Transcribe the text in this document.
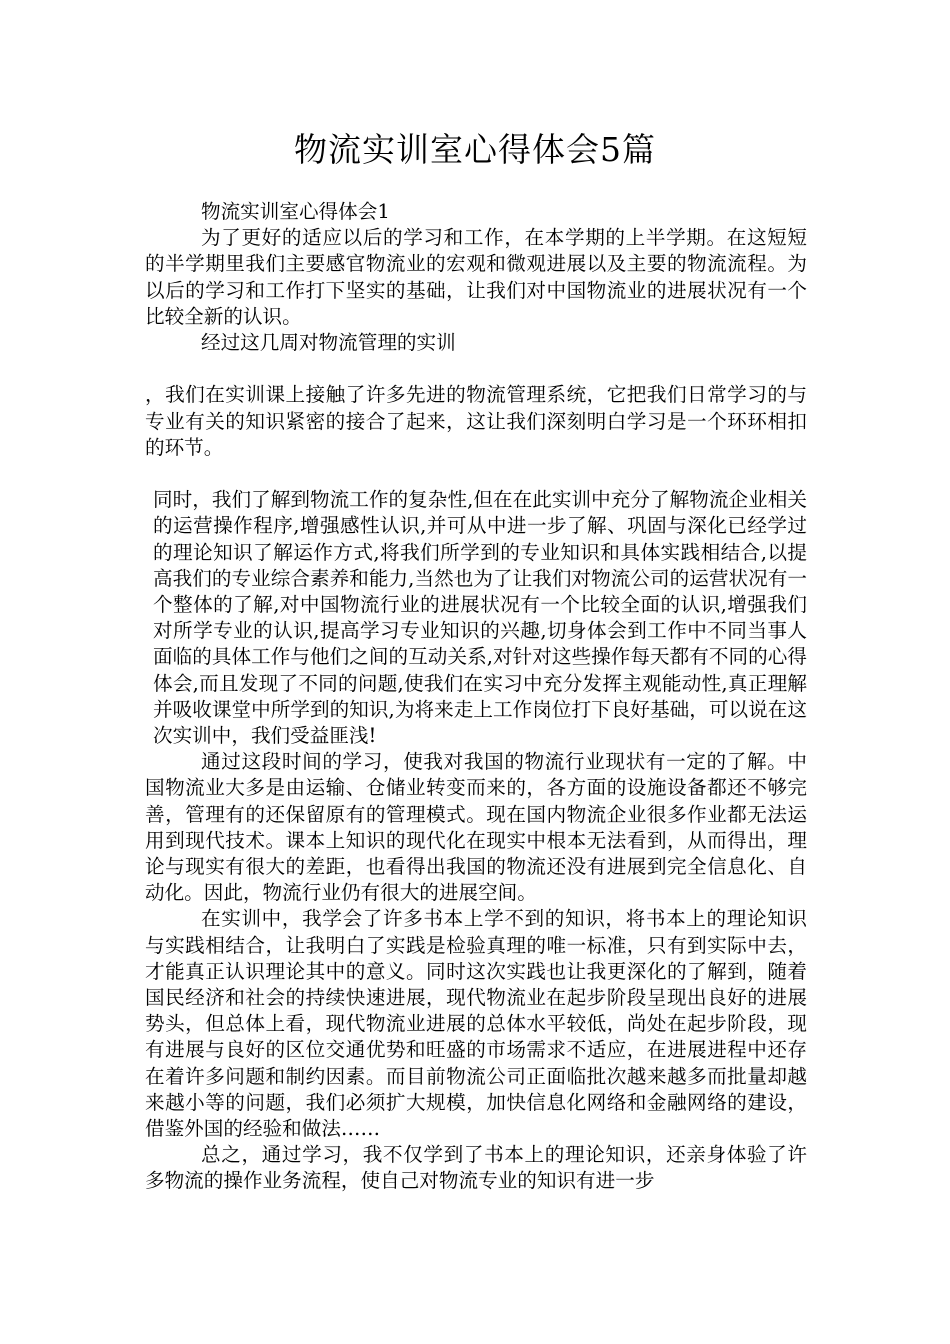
物流实训室心得体会5篇

物流实训室心得体会1

为了更好的适应以后的学习和工作，在本学期的上半学期。在这短短的半学期里我们主要感官物流业的宏观和微观进展以及主要的物流流程。为以后的学习和工作打下坚实的基础，让我们对中国物流业的进展状况有一个比较全新的认识。

经过这几周对物流管理的实训

，我们在实训课上接触了许多先进的物流管理系统，它把我们日常学习的与专业有关的知识紧密的接合了起来，这让我们深刻明白学习是一个环环相扣的环节。

同时，我们了解到物流工作的复杂性,但在在此实训中充分了解物流企业相关的运营操作程序,增强感性认识,并可从中进一步了解、巩固与深化已经学过的理论知识了解运作方式,将我们所学到的专业知识和具体实践相结合,以提高我们的专业综合素养和能力,当然也为了让我们对物流公司的运营状况有一个整体的了解,对中国物流行业的进展状况有一个比较全面的认识,增强我们对所学专业的认识,提高学习专业知识的兴趣,切身体会到工作中不同当事人面临的具体工作与他们之间的互动关系,对针对这些操作每天都有不同的心得体会,而且发现了不同的问题,使我们在实习中充分发挥主观能动性,真正理解并吸收课堂中所学到的知识,为将来走上工作岗位打下良好基础，可以说在这次实训中，我们受益匪浅!

通过这段时间的学习，使我对我国的物流行业现状有一定的了解。中国物流业大多是由运输、仓储业转变而来的，各方面的设施设备都还不够完善，管理有的还保留原有的管理模式。现在国内物流企业很多作业都无法运用到现代技术。课本上知识的现代化在现实中根本无法看到，从而得出，理论与现实有很大的差距，也看得出我国的物流还没有进展到完全信息化、自动化。因此，物流行业仍有很大的进展空间。

在实训中，我学会了许多书本上学不到的知识，将书本上的理论知识与实践相结合，让我明白了实践是检验真理的唯一标准，只有到实际中去，才能真正认识理论其中的意义。同时这次实践也让我更深化的了解到，随着国民经济和社会的持续快速进展，现代物流业在起步阶段呈现出良好的进展势头，但总体上看，现代物流业进展的总体水平较低，尚处在起步阶段，现有进展与良好的区位交通优势和旺盛的市场需求不适应，在进展进程中还存在着许多问题和制约因素。而目前物流公司正面临批次越来越多而批量却越来越小等的问题，我们必须扩大规模，加快信息化网络和金融网络的建设，借鉴外国的经验和做法……

总之，通过学习，我不仅学到了书本上的理论知识，还亲身体验了许多物流的操作业务流程，使自己对物流专业的知识有进一步
